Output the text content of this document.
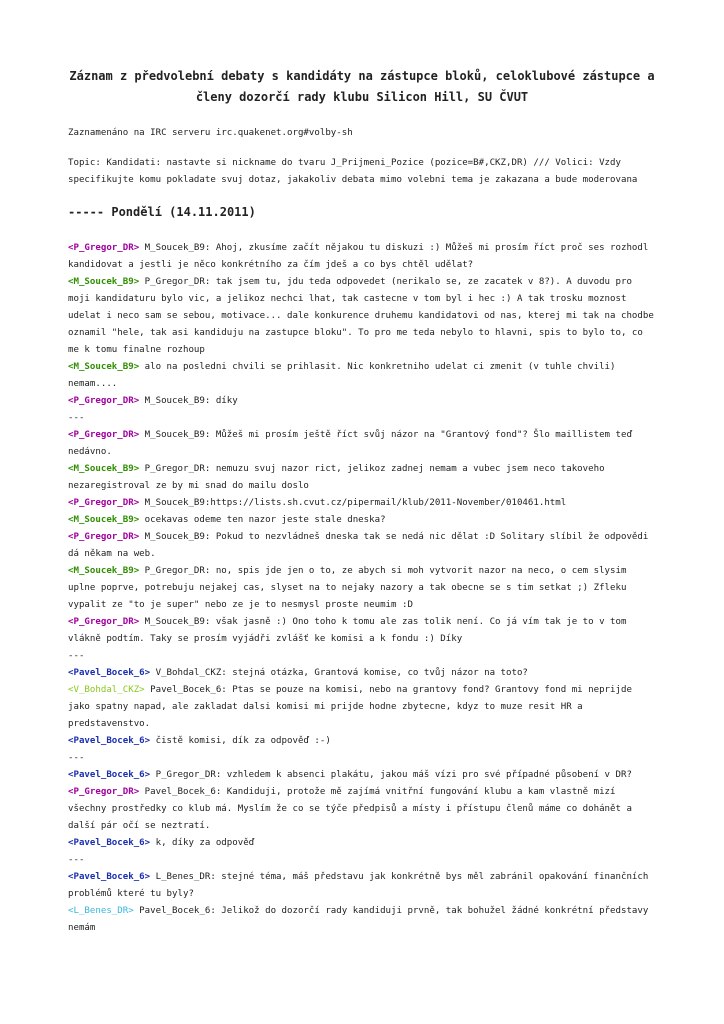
Záznam z předvolební debaty s kandidáty na zástupce bloků, celoklubové zástupce a členy dozorčí rady klubu Silicon Hill, SU ČVUT

Zaznamenáno na IRC serveru irc.quakenet.org#volby-sh

Topic: Kandidati: nastavte si nickname do tvaru J_Prijmeni_Pozice (pozice=B#,CKZ,DR) /// Volici: Vzdy specifikujte komu pokladate svuj dotaz, jakakoliv debata mimo volebni tema je zakazana a bude moderovana

----- Pondělí (14.11.2011)
<P_Gregor_DR> M_Soucek_B9: Ahoj, zkusíme začít nějakou tu diskuzi :) Můžeš mi prosím říct proč ses rozhodl kandidovat a jestli je něco konkrétního za čím jdeš a co bys chtěl udělat?
<M_Soucek_B9> P_Gregor_DR: tak jsem tu, jdu teda odpovedet (nerikalo se, ze zacatek v 8?). A duvodu pro moji kandidaturu bylo vic, a jelikoz nechci lhat, tak castecne v tom byl i hec :) A tak trosku moznost udelat i neco sam se sebou, motivace... dale konkurence druhemu kandidatovi od nas, kterej mi tak na chodbe oznamil "hele, tak asi kandiduju na zastupce bloku". To pro me teda nebylo to hlavni, spis to bylo to, co me k tomu finalne rozhoup
<M_Soucek_B9> alo na posledni chvili se prihlasit. Nic konkretniho udelat ci zmenit (v tuhle chvili) nemam....
<P_Gregor_DR> M_Soucek_B9: díky
---
<P_Gregor_DR> M_Soucek_B9: Můžeš mi prosím ještě říct svůj názor na "Grantový fond"? Šlo maillistem teď nedávno.
<M_Soucek_B9> P_Gregor_DR: nemuzu svuj nazor rict, jelikoz zadnej nemam a vubec jsem neco takoveho nezaregistroval ze by mi snad do mailu doslo
<P_Gregor_DR> M_Soucek_B9:https://lists.sh.cvut.cz/pipermail/klub/2011-November/010461.html
<M_Soucek_B9> ocekavas odeme ten nazor jeste stale dneska?
<P_Gregor_DR> M_Soucek_B9: Pokud to nezvládneš dneska tak se nedá nic dělat :D Solitary slíbil že odpovědi dá někam na web.
<M_Soucek_B9> P_Gregor_DR: no, spis jde jen o to, ze abych si moh vytvorit nazor na neco, o cem slysim uplne poprve, potrebuju nejakej cas, slyset na to nejaky nazory a tak obecne se s tim setkat ;) Zfleku vypalit ze "to je super" nebo ze je to nesmysl proste neumim :D
<P_Gregor_DR> M_Soucek_B9: však jasně :) Ono toho k tomu ale zas tolik není. Co já vím tak je to v tom vlákně podtím. Taky se prosím vyjádři zvlášť ke komisi a k fondu :) Díky
---
<Pavel_Bocek_6> V_Bohdal_CKZ: stejná otázka, Grantová komise, co tvůj názor na toto?
<V_Bohdal_CKZ> Pavel_Bocek_6: Ptas se pouze na komisi, nebo na grantovy fond? Grantovy fond mi neprijde jako spatny napad, ale zakladat dalsi komisi mi prijde hodne zbytecne, kdyz to muze resit HR a predstavenstvo.
<Pavel_Bocek_6> čistě komisi, dík za odpověď :-)
---
<Pavel_Bocek_6> P_Gregor_DR: vzhledem k absenci plakátu, jakou máš vízi pro své případné působení v DR?
<P_Gregor_DR> Pavel_Bocek_6: Kandiduji, protože mě zajímá vnitřní fungování klubu a kam vlastně mizí všechny prostředky co klub má. Myslím že co se týče předpisů a místy i přístupu členů máme co dohánět a další pár očí se neztratí.
<Pavel_Bocek_6> k, díky za odpověď
---
<Pavel_Bocek_6> L_Benes_DR: stejné téma, máš představu jak konkrétně bys měl zabránil opakování finančních problémů které tu byly?
<L_Benes_DR> Pavel_Bocek_6: Jelikož do dozorčí rady kandiduji prvně, tak bohužel žádné konkrétní představy nemám
